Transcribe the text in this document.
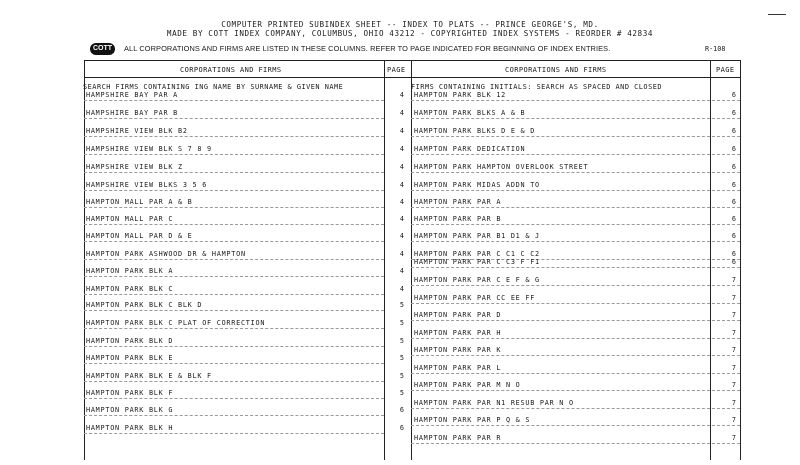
COMPUTER PRINTED SUBINDEX SHEET -- INDEX TO PLATS -- PRINCE GEORGE'S, MD.
MADE BY COTT INDEX COMPANY, COLUMBUS, OHIO 43212 - COPYRIGHTED INDEX SYSTEMS - REORDER # 42834
COTT	ALL CORPORATIONS AND FIRMS ARE LISTED IN THESE COLUMNS. REFER TO PAGE INDICATED FOR BEGINNING OF INDEX ENTRIES.	R-108
CORPORATIONS AND FIRMS	PAGE	CORPORATIONS AND FIRMS	PAGE
SEARCH FIRMS CONTAINING ING NAME BY SURNAME & GIVEN NAME	FIRMS CONTAINING INITIALS: SEARCH AS SPACED AND CLOSED
HAMPSHIRE BAY PAR A	4
HAMPSHIRE BAY PAR B	4
HAMPSHIRE VIEW BLK B2	4
HAMPSHIRE VIEW BLK S 7 8 9	4
HAMPSHIRE VIEW BLK Z	4
HAMPSHIRE VIEW BLKS 3 5 6	4
HAMPTON MALL PAR A & B	4
HAMPTON MALL PAR C	4
HAMPTON MALL PAR D & E	4
HAMPTON PARK ASHWOOD DR & HAMPTON	4
HAMPTON PARK BLK A	4
HAMPTON PARK BLK C	4
HAMPTON PARK BLK C BLK D	5
HAMPTON PARK BLK C PLAT OF CORRECTION	5
HAMPTON PARK BLK D	5
HAMPTON PARK BLK E	5
HAMPTON PARK BLK E & BLK F	5
HAMPTON PARK BLK F	5
HAMPTON PARK BLK G	6
HAMPTON PARK BLK H	6
HAMPTON PARK BLK 12	6
HAMPTON PARK BLKS A & B	6
HAMPTON PARK BLKS D E & D	6
HAMPTON PARK DEDICATION	6
HAMPTON PARK HAMPTON OVERLOOK STREET	6
HAMPTON PARK MIDAS ADDN TO	6
HAMPTON PARK PAR A	6
HAMPTON PARK PAR B	6
HAMPTON PARK PAR B1 D1 & J	6
HAMPTON PARK PAR C C1 C C2	6
HAMPTON PARK PAR C C3 F F1	6
HAMPTON PARK PAR C E F & G	7
HAMPTON PARK PAR CC EE FF	7
HAMPTON PARK PAR D	7
HAMPTON PARK PAR H	7
HAMPTON PARK PAR K	7
HAMPTON PARK PAR L	7
HAMPTON PARK PAR M N O	7
HAMPTON PARK PAR N1 RESUB PAR N O	7
HAMPTON PARK PAR P Q & S	7
HAMPTON PARK PAR R	7
